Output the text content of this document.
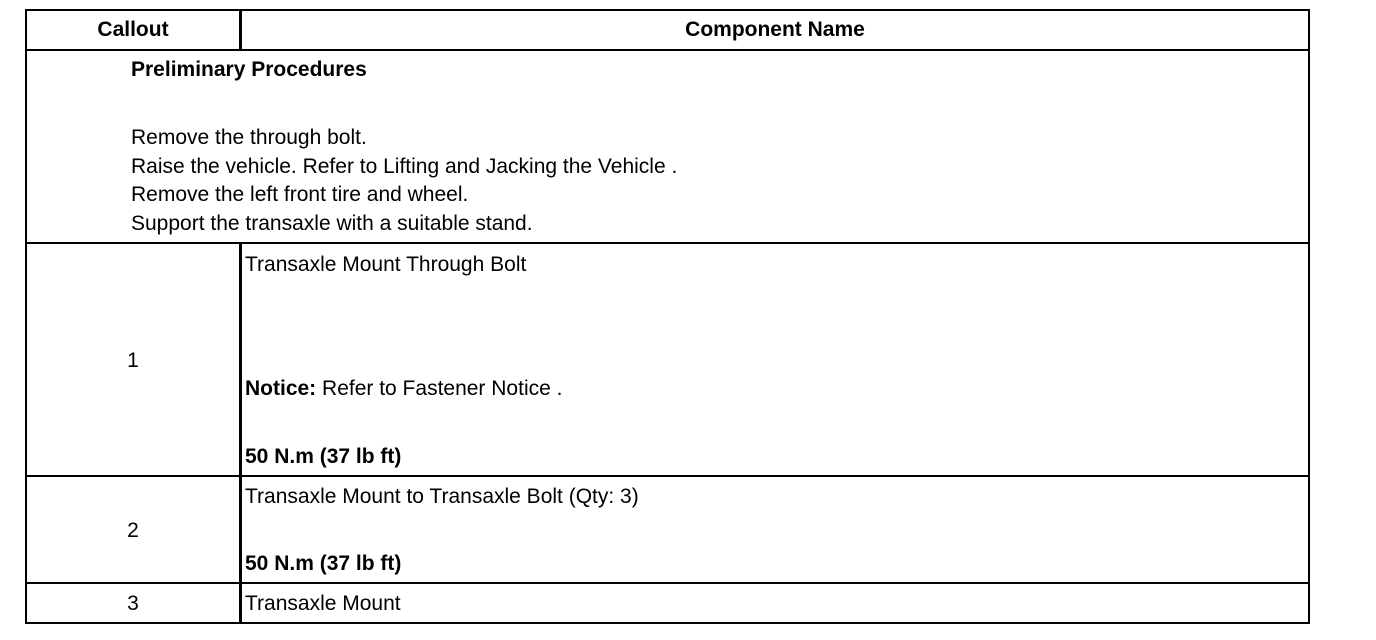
Callout	Component Name
Preliminary Procedures
Remove the through bolt.
Raise the vehicle. Refer to Lifting and Jacking the Vehicle .
Remove the left front tire and wheel.
Support the transaxle with a suitable stand.
1
Transaxle Mount Through Bolt
Notice: Refer to Fastener Notice .
50 N.m (37 lb ft)
2
Transaxle Mount to Transaxle Bolt (Qty: 3)
50 N.m (37 lb ft)
3	Transaxle Mount
